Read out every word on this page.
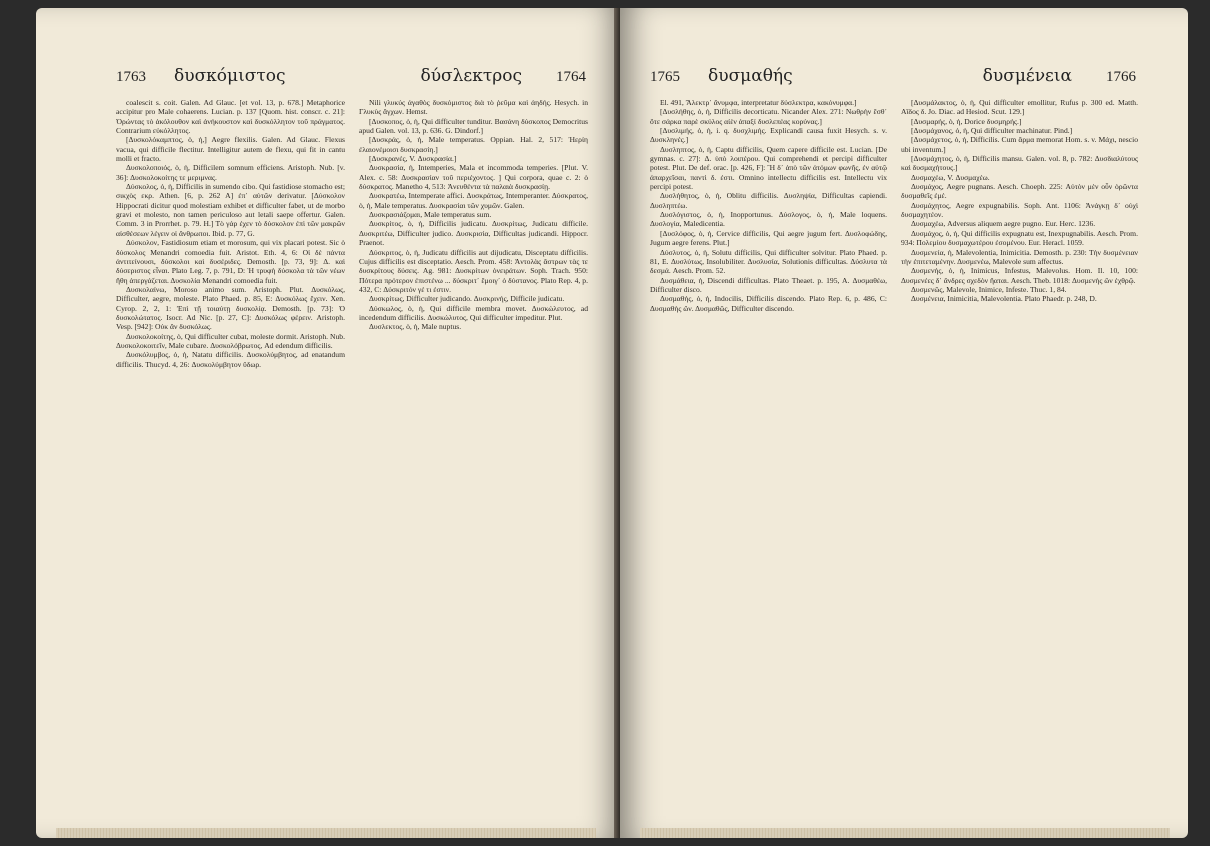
1763 δυσκόμιστος	δύσλεκτρος 1764

coalescit s. coit. Galen. Ad Glauc. [et vol. 13, p. 678.] Metaphorice accipitur pro Male cohaerens. Lucian. p. 137 [Quom. hist. conscr. c. 21]: Ὀρώντας τὸ ἀκόλουθον καὶ ἀνήκουστον καὶ δυσκόλλητον τοῦ πράγματος. Contrarium εὐκόλλητος.

[Δυσκολόκαμπτος, ὁ, ἡ,] Aegre flexilis. Galen. Ad Glauc. Flexus vacua, qui difficile flectitur. Intelligitur autem de flexu, qui fit in cantu molli et fracto.

Δυσκολοποιός, ὁ, ἡ, Difficilem somnum efficiens. Aristoph. Nub. [v. 36]: Δυσκολοκοίτης τε μεριμνας.

Δύσκολος, ὁ, ἡ, Difficilis in sumendo cibo. Qui fastidiose stomacho est; σικχὸς εκρ. Athen. [6, p. 262 A] ἐπ᾽ αὐτῶν derivatur. [Δύσκολον Hippocrati dicitur quod molestiam exhibet et difficulter fabet, ut de morbo gravi et molesto, non tamen periculoso aut letali saepe offertur. Galen. Comm. 3 in Prorrhet. p. 79. H.] Tὸ γάρ ἐχεν τὸ δύσκολον ἐπὶ τῶν μακρῶν αἰσθέσεων λέγειν οἱ ἄνθρωποι. Ibid. p. 77, G.

Δύσκολον, Fastidiosum etiam et morosum, qui vix placari potest. Sic ὁ δύσκολος Menandri comoedia fuit. Aristot. Eth. 4, 6: Oἱ δὲ πάντα ἀντιτείνουσι, δύσκολοι καὶ δυσέριδες. Demosth. [p. 73, 9]: Δ. καὶ δύσεριστος εἶναι. Plato Leg. 7, p. 791, D: Ἡ τρυφὴ δύσκολα τὰ τῶν νέων ἤθη ἀπεργάζεται. Δυσκολία Menandri comoedia fuit.

Δυσκολαίνω, Moroso animo sum. Aristoph. Plut. Δυσκόλως, Difficulter, aegre, moleste. Plato Phaed. p. 85, E: Δυσκόλως ἔχειν. Xen. Cyrop. 2, 2, 1: Ἐπὶ τῇ τοιαύτῃ δυσκολίᾳ. Demosth. [p. 73]: Ὁ δυσκολώτατος. Isocr. Ad Nic. [p. 27, C]: Δυσκόλως φέρειν. Aristoph. Vesp. [942]: Οὐκ ἂν δυσκόλως.

Δυσκολοκοίτης, ὁ, Qui difficulter cubat, moleste dormit. Aristoph. Nub. Δυσκολοκοιτεῖν, Male cubare. Δυσκολόβρωτος, Ad edendum difficilis.

Δυσκόλυμβος, ὁ, ἡ, Natatu difficilis. Δυσκολύμβητος, ad enatandum difficilis. Thucyd. 4, 26: Δυσκολύμβητον ὕδωρ.

Nili γλυκύς ἀγαθὸς δυσκόμιστος διὰ τὸ ῥεῦμα καὶ ἀηδής. Hesych. in Γλυκὺς ἄγχων. Hemst.

[Δυσκοπος, ὁ, ἡ, Qui difficulter tunditur. Βασάνη δύσκοπος Democritus apud Galen. vol. 13, p. 636. G. Dindorf.]

[Δυσκράς, ὁ, ἡ, Male temperatus. Oppian. Hal. 2, 517: Ἠερίη ἐλαιονέμοισι δυσκρασίη.]

[Δυσκρανές, V. Δυσκρασία.]

Δυσκρασία, ἡ, Intemperies, Mala et incommoda temperies. [Plut. V. Alex. c. 58: Δυσκρασίαν τοῦ περιέχοντος. ] Qui corpora, quae c. 2: ὁ δύσκρατος. Manetho 4, 513: Ἀνευθέντα τὰ παλαιὰ δυσκρασίῃ.

Δυσκρατέω, Intemperate affici. Δυσκράτως, Intemperanter. Δύσκρατος, ὁ, ἡ, Male temperatus. Δυσκρασίαι τῶν χυμῶν. Galen.

Δυσκρασιάζομαι, Male temperatus sum.

Δυσκρίτος, ὁ, ἡ, Difficilis judicatu. Δυσκρίτως, Judicatu difficile. Δυσκριτέω, Difficulter judico. Δυσκρισία, Difficultas judicandi. Hippocr. Praenot.

Δύσκριτος, ὁ, ἡ, Judicatu difficilis aut dijudicatu, Disceptatu difficilis. Cujus difficilis est disceptatio. Aesch. Prom. 458: Ἀντολὰς ἄστρων τὰς τε δυσκρίτους δύσεις. Ag. 981: Δυσκρίτων ὀνειράτων. Soph. Trach. 950: Πότερα πρότερον ἐπιστένω ... δύσκριτ᾽ ἔμοιγ᾽ ὁ δύστανος. Plato Rep. 4, p. 432, C: Δύσκριτόν γέ τι ἐστιν.

Δυσκρίτως, Difficulter judicando. Δυσκρινής, Difficile judicatu.

Δύσκωλος, ὁ, ἡ, Qui difficile membra movet. Δυσκώλευτος, ad incedendum difficilis. Δυσκώλυτος, Qui difficulter impeditur. Plut.

Δυσλεκτος, ὁ, ἡ, Male nuptus.

1765 δυσμαθής	δυσμένεια 1766

El. 491, Ἄλεκτρ᾽ ἄνυμφα, interpretatur δύσλεκτρα, κακόνυμφα.]

[Δυσλήθης, ὁ, ἡ, Difficilis decorticatu. Nicander Alex. 271: Νωθρὴν ἔσθ᾽ ὅτε σάρκα παρὲ σκύλος αἰὲν ἀπαξί δυσλεπέας κορύνας.]

[Δυσλιμής, ὁ, ἡ, i. q. δυσχλιμής. Explicandi causa fuxit Hesych. s. v. Δυσκληνές.]

Δυσληπτος, ὁ, ἡ, Captu difficilis, Quem capere difficile est. Lucian. [De gymnas. c. 27]: Δ. ὑπὸ λοιπέρου. Qui comprehendi et percipi difficulter potest. Plut. De def. orac. [p. 426, F]: Ἢ δ᾽ ἀπὸ τῶν ἀτόμων φωνῆς, ἐν αὐτῷ ἀπαρχεῖσαι, παντὶ δ. ἐστι. Omnino intellectu difficilis est. Intellectu vix percipi potest.

Δυσλήθητος, ὁ, ἡ, Oblitu difficilis. Δυσληψία, Difficultas capiendi. Δυσληπτέω.

Δυσλόγιστος, ὁ, ἡ, Inopportunus. Δύσλογος, ὁ, ἡ, Male loquens. Δυσλογία, Maledicentia.

[Δυσλόφος, ὁ, ἡ, Cervice difficilis, Qui aegre jugum fert. Δυσλοφώδης, Jugum aegre ferens. Plut.]

Δύσλυτος, ὁ, ἡ, Solutu difficilis, Qui difficulter solvitur. Plato Phaed. p. 81, E. Δυσλύτως, Insolubiliter. Δυσλυσία, Solutionis difficultas. Δύσλυτα τὰ δεσμά. Aesch. Prom. 52.

Δυσμάθεια, ἡ, Discendi difficultas. Plato Theaet. p. 195, A. Δυσμαθέω, Difficulter disco.

Δυσμαθής, ὁ, ἡ, Indocilis, Difficilis discendo. Plato Rep. 6, p. 486, C: Δυσμαθὴς ὤν. Δυσμαθῶς, Difficulter discendo.

[Δυσμάλακτος, ὁ, ἡ, Qui difficulter emollitur, Rufus p. 300 ed. Matth. Αἵδος δ. Jo. Diac. ad Hesiod. Scut. 129.]

[Δυσμαρής, ὁ, ἡ, Dorice δυσμηρής.]

[Δυσμάχανος, ὁ, ἡ, Qui difficulter machinatur. Pind.]

[Δυσμάχετος, ὁ, ἡ, Difficilis. Cum ἄρμα memorat Hom. s. v. Μάχι, nescio ubi inventum.]

[Δυσμάχητος, ὁ, ἡ, Difficilis mansu. Galen. vol. 8, p. 782: Δυσδιαλύτους καὶ δυσμαχήτους.]

Δυσμαχέω, V. Δυσμαχέω.

Δυσμάχος, Aegre pugnans. Aesch. Choeph. 225: Αὐτὸν μὲν οὖν ὁρῶντα δυσμαθεῖς ἐμέ.

Δυσμάχητος, Aegre expugnabilis. Soph. Ant. 1106: Ἀνάγκῃ δ᾽ οὐχὶ δυσμαχητέον.

Δυσμαχέω, Adversus aliquem aegre pugno. Eur. Herc. 1236.

Δυσμάχος, ὁ, ἡ, Qui difficilis expugnatu est, Inexpugnabilis. Aesch. Prom. 934: Πολεμίου δυσμαχωτέρου ἐσομένου. Eur. Heracl. 1059.

Δυσμενεία, ἡ, Malevolentia, Inimicitia. Demosth. p. 230: Τὴν δυσμένειαν τὴν ἐπιτεταμένην. Δυσμενέω, Malevole sum affectus.

Δυσμενής, ὁ, ἡ, Inimicus, Infestus, Malevolus. Hom. Il. 10, 100: Δυσμενέες δ᾽ ἄνδρες σχεδὸν ἥαται. Aesch. Theb. 1018: Δυσμενὴς ὢν ἐχθρῷ.

Δυσμενῶς, Malevole, Inimice, Infeste. Thuc. 1, 84.

Δυσμένεια, Inimicitia, Malevolentia. Plato Phaedr. p. 248, D.
